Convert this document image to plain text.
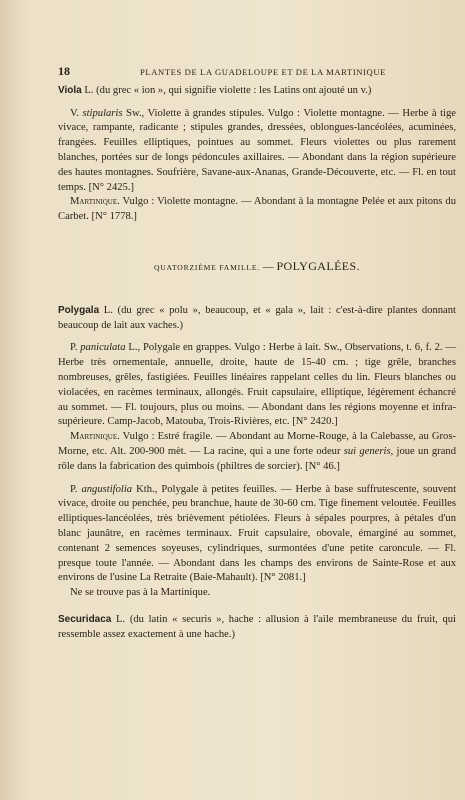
18	PLANTES DE LA GUADELOUPE ET DE LA MARTINIQUE

Viola L. (du grec « ion », qui signifie violette : les Latins ont ajouté un v.)

V. stipularis Sw., Violette à grandes stipules. Vulgo : Violette montagne. — Herbe à tige vivace, rampante, radicante ; stipules grandes, dressées, oblongues-lancéolées, acuminées, frangées. Feuilles elliptiques, pointues au sommet. Fleurs violettes ou plus rarement blanches, portées sur de longs pédoncules axillaires. — Abondant dans la région supérieure des hautes montagnes. Soufrière, Savane-aux-Ananas, Grande-Découverte, etc. — Fl. en tout temps. [N° 2425.]

Martinique. Vulgo : Violette montagne. — Abondant à la montagne Pelée et aux pitons du Carbet. [N° 1778.]

QUATORZIÈME FAMILLE. — POLYGALÉES.

Polygala L. (du grec « polu », beaucoup, et « gala », lait : c'est-à-dire plantes donnant beaucoup de lait aux vaches.)

P. paniculata L., Polygale en grappes. Vulgo : Herbe à lait. Sw., Observations, t. 6, f. 2. — Herbe très ornementale, annuelle, droite, haute de 15-40 cm. ; tige grêle, branches nombreuses, grêles, fastigiées. Feuilles linéaires rappelant celles du lin. Fleurs blanches ou violacées, en racèmes terminaux, allongés. Fruit capsulaire, elliptique, légèrement échancré au sommet. — Fl. toujours, plus ou moins. — Abondant dans les régions moyenne et infra-supérieure. Camp-Jacob, Matouba, Trois-Rivières, etc. [N° 2420.]

Martinique. Vulgo : Estré fragile. — Abondant au Morne-Rouge, à la Calebasse, au Gros-Morne, etc. Alt. 200-900 mèt. — La racine, qui a une forte odeur sui generis, joue un grand rôle dans la fabrication des quimbois (philtres de sorcier). [N° 46.]

P. angustifolia Kth., Polygale à petites feuilles. — Herbe à base suffrutescente, souvent vivace, droite ou penchée, peu branchue, haute de 30-60 cm. Tige finement veloutée. Feuilles elliptiques-lancéolées, très brièvement pétiolées. Fleurs à sépales pourpres, à pétales d'un blanc jaunâtre, en racèmes terminaux. Fruit capsulaire, obovale, émarginé au sommet, contenant 2 semences soyeuses, cylindriques, surmontées d'une petite caroncule. — Fl. presque toute l'année. — Abondant dans les champs des environs de Sainte-Rose et aux environs de l'usine La Retraite (Baie-Mahault). [N° 2081.]

Ne se trouve pas à la Martinique.

Securidaca L. (du latin « securis », hache : allusion à l'aile membraneuse du fruit, qui ressemble assez exactement à une hache.)
